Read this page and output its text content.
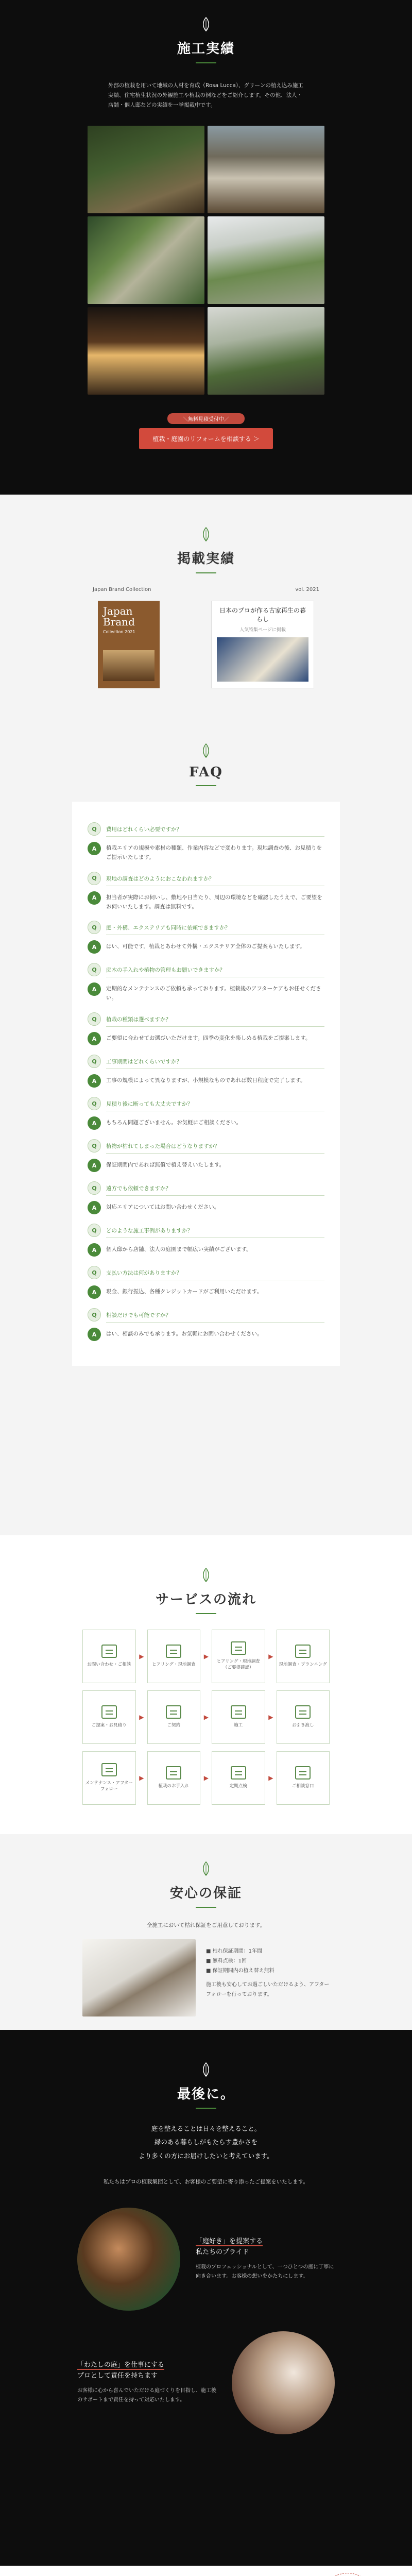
施工実績

外部の植栽を用いて地域の人材を育成（Rosa Lucca）、グリーンの植え込み施工実績、住宅植生状況の外観施工や植栽の例などをご紹介します。その他、法人・店舗・個人邸などの実績を一挙掲載中です。

＼無料見積受付中／
植栽・庭園のリフォームを相談する ＞
掲載実績
Japan Brand Collection	vol. 2021
Japan Brand
Collection 2021
日本のプロが作る古家再生の暮らし
人気特集ページに掲載
FAQ
Q	費用はどれくらい必要ですか？
A	植栽エリアの規模や素材の種類、作業内容などで変わります。現地調査の後、お見積りをご提示いたします。
Q	現地の調査はどのようにおこなわれますか？
A	担当者が実際にお伺いし、敷地や日当たり、周辺の環境などを確認したうえで、ご要望をお伺いいたします。調査は無料です。
Q	庭・外構、エクステリアも同時に依頼できますか？
A	はい、可能です。植栽とあわせて外構・エクステリア全体のご提案もいたします。
Q	庭木の手入れや植物の管理もお願いできますか？
A	定期的なメンテナンスのご依頼も承っております。植栽後のアフターケアもお任せください。
Q	植栽の種類は選べますか？
A	ご要望に合わせてお選びいただけます。四季の変化を楽しめる植栽をご提案します。
Q	工事期間はどれくらいですか？
A	工事の規模によって異なりますが、小規模なものであれば数日程度で完了します。
Q	見積り後に断っても大丈夫ですか？
A	もちろん問題ございません。お気軽にご相談ください。
Q	植物が枯れてしまった場合はどうなりますか？
A	保証期間内であれば無償で植え替えいたします。
Q	遠方でも依頼できますか？
A	対応エリアについてはお問い合わせください。
Q	どのような施工事例がありますか？
A	個人邸から店舗、法人の庭園まで幅広い実績がございます。
Q	支払い方法は何がありますか？
A	現金、銀行振込、各種クレジットカードがご利用いただけます。
Q	相談だけでも可能ですか？
A	はい、相談のみでも承ります。お気軽にお問い合わせください。
サービスの流れ
お問い合わせ・ご相談
▶
ヒアリング・現地調査
▶
ヒアリング・現地調査（ご要望確認）
▶
現地調査・プランニング
ご提案・お見積り
▶
ご契約
▶
施工
▶
お引き渡し
メンテナンス・アフターフォロー
▶
植栽のお手入れ
▶
定期点検
▶
ご相談窓口
安心の保証

全施工において枯れ保証をご用意しております。

■ 枯れ保証期間：1年間
■ 無料点検：1回
■ 保証期間内の植え替え無料
施工後も安心してお過ごしいただけるよう、アフターフォローを行っております。
最後に。
庭を整えることは日々を整えること。
緑のある暮らしがもたらす豊かさを
より多くの方にお届けしたいと考えています。

私たちはプロの植栽集団として、お客様のご要望に寄り添ったご提案をいたします。

「庭好き」を提案する
私たちのプライド

植栽のプロフェッショナルとして、一つひとつの庭に丁寧に向き合います。お客様の想いをかたちにします。

「わたしの庭」を仕事にする
プロとして責任を持ちます

お客様に心から喜んでいただける庭づくりを目指し、施工後のサポートまで責任を持って対応いたします。
